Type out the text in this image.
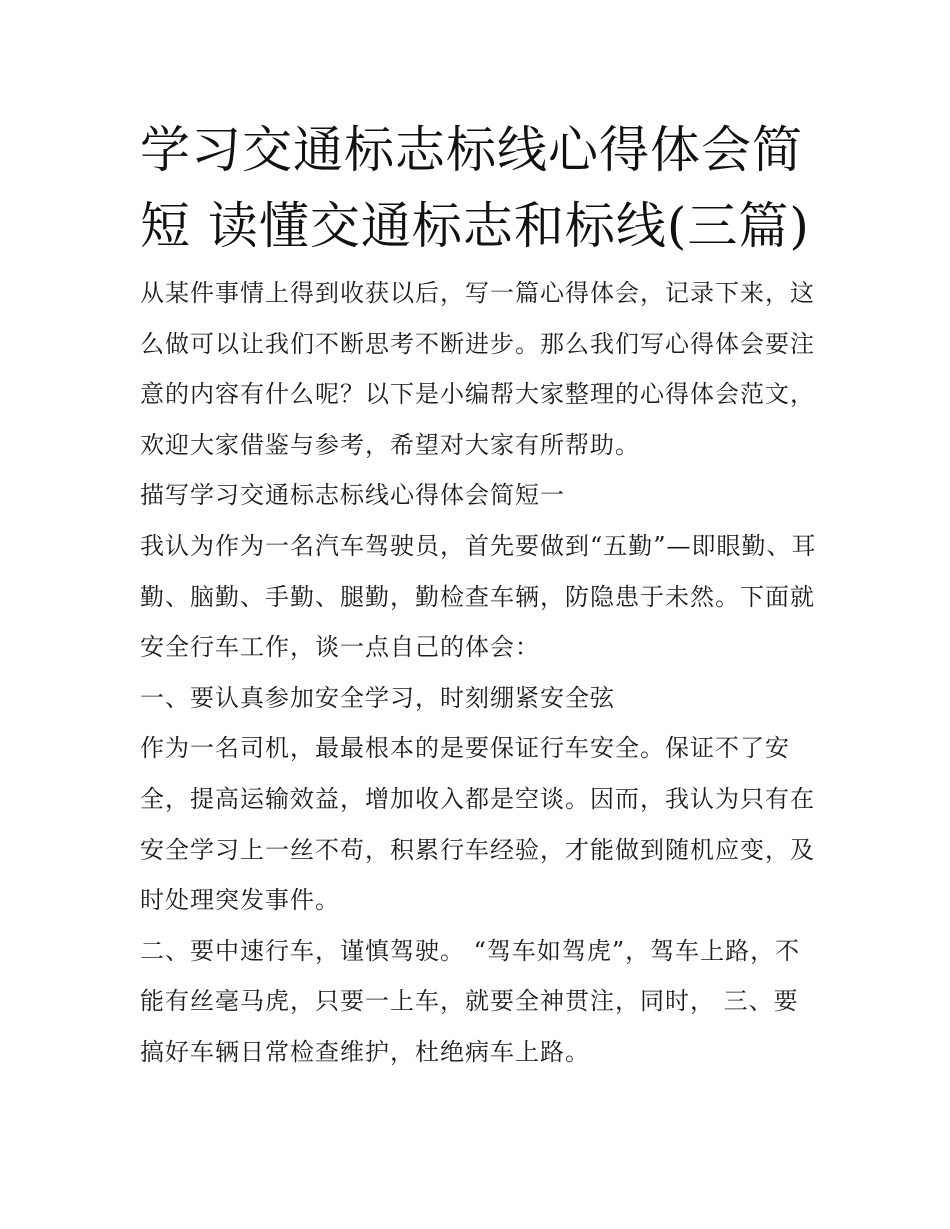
学习交通标志标线心得体会简
短 读懂交通标志和标线(三篇)

从某件事情上得到收获以后，写一篇心得体会，记录下来，这么做可以让我们不断思考不断进步。那么我们写心得体会要注意的内容有什么呢？以下是小编帮大家整理的心得体会范文，欢迎大家借鉴与参考，希望对大家有所帮助。

描写学习交通标志标线心得体会简短一

我认为作为一名汽车驾驶员，首先要做到“五勤”—即眼勤、耳勤、脑勤、手勤、腿勤，勤检查车辆，防隐患于未然。下面就安全行车工作，谈一点自己的体会：

一、要认真参加安全学习，时刻绷紧安全弦

作为一名司机，最最根本的是要保证行车安全。保证不了安全，提高运输效益，增加收入都是空谈。因而，我认为只有在安全学习上一丝不苟，积累行车经验，才能做到随机应变，及时处理突发事件。

二、要中速行车，谨慎驾驶。 “驾车如驾虎”，驾车上路，不能有丝毫马虎，只要一上车，就要全神贯注，同时， 三、要搞好车辆日常检查维护，杜绝病车上路。
